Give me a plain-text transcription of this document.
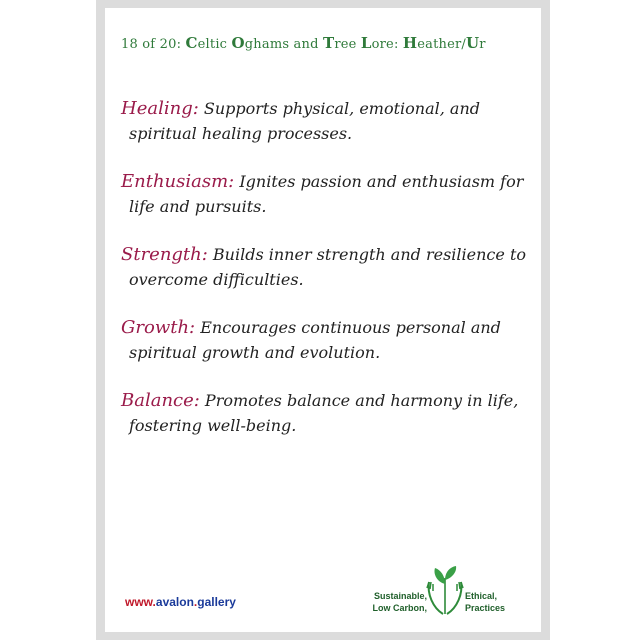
18 of 20: Celtic Oghams and Tree Lore: Heather/Ur
Healing: Supports physical, emotional, and spiritual healing processes.
Enthusiasm: Ignites passion and enthusiasm for life and pursuits.
Strength: Builds inner strength and resilience to overcome difficulties.
Growth: Encourages continuous personal and spiritual growth and evolution.
Balance: Promotes balance and harmony in life, fostering well-being.
www.avalon.gallery	Sustainable,
Low Carbon,
Ethical,
Practices
